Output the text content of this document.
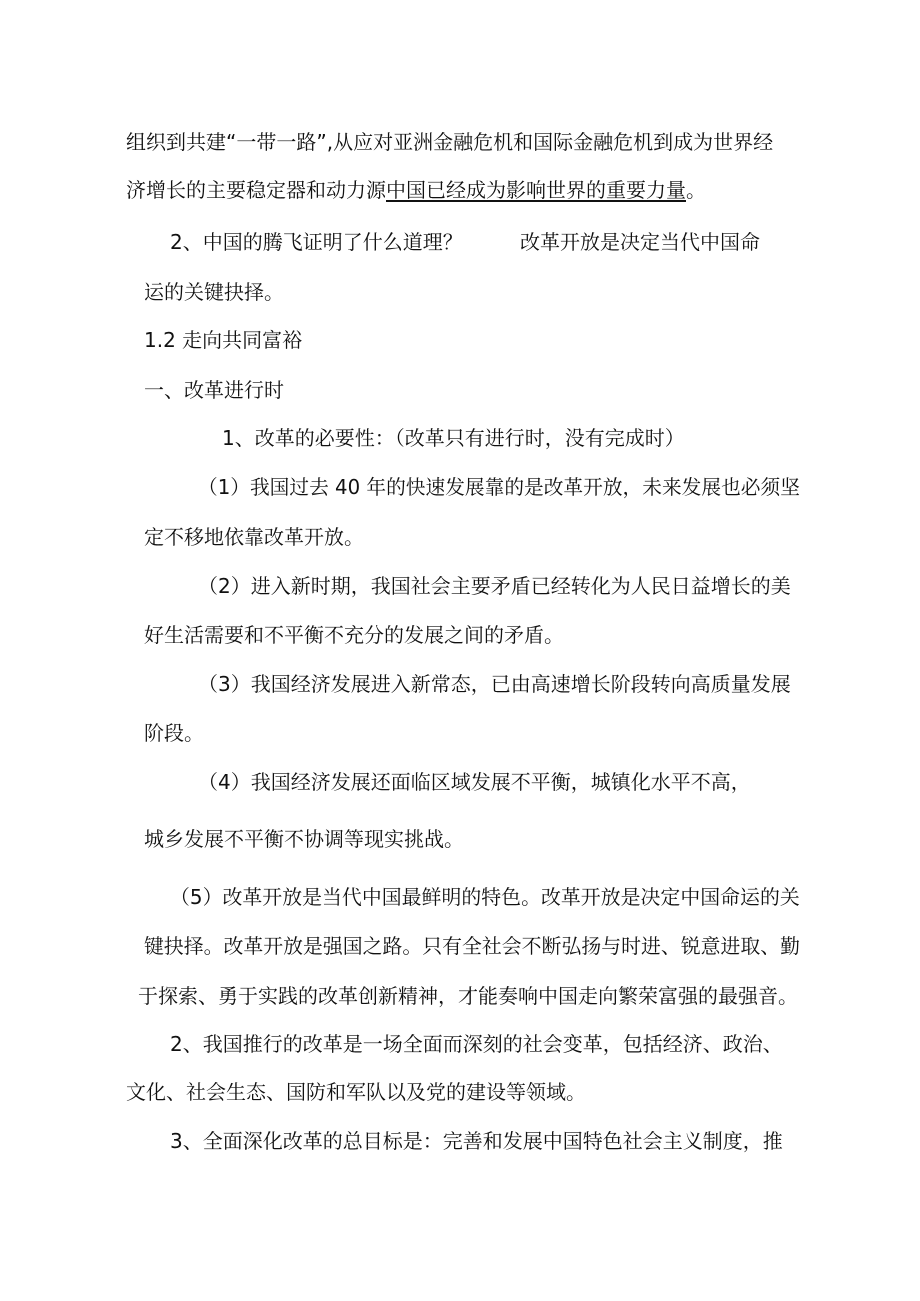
组织到共建“一带一路”,从应对亚洲金融危机和国际金融危机到成为世界经
济增长的主要稳定器和动力源中国已经成为影响世界的重要力量。
2、中国的腾飞证明了什么道理？	改革开放是决定当代中国命
运的关键抉择。
1.2 走向共同富裕
一、改革进行时
1、改革的必要性：（改革只有进行时，没有完成时）
（1）我国过去 40 年的快速发展靠的是改革开放，未来发展也必须坚
定不移地依靠改革开放。
（2）进入新时期，我国社会主要矛盾已经转化为人民日益增长的美
好生活需要和不平衡不充分的发展之间的矛盾。
（3）我国经济发展进入新常态，已由高速增长阶段转向高质量发展
阶段。
（4）我国经济发展还面临区域发展不平衡，城镇化水平不高，
城乡发展不平衡不协调等现实挑战。
（5）改革开放是当代中国最鲜明的特色。改革开放是决定中国命运的关
键抉择。改革开放是强国之路。只有全社会不断弘扬与时进、锐意进取、勤
于探索、勇于实践的改革创新精神，才能奏响中国走向繁荣富强的最强音。
2、我国推行的改革是一场全面而深刻的社会变革，包括经济、政治、
文化、社会生态、国防和军队以及党的建设等领域。
3、全面深化改革的总目标是：完善和发展中国特色社会主义制度，推
